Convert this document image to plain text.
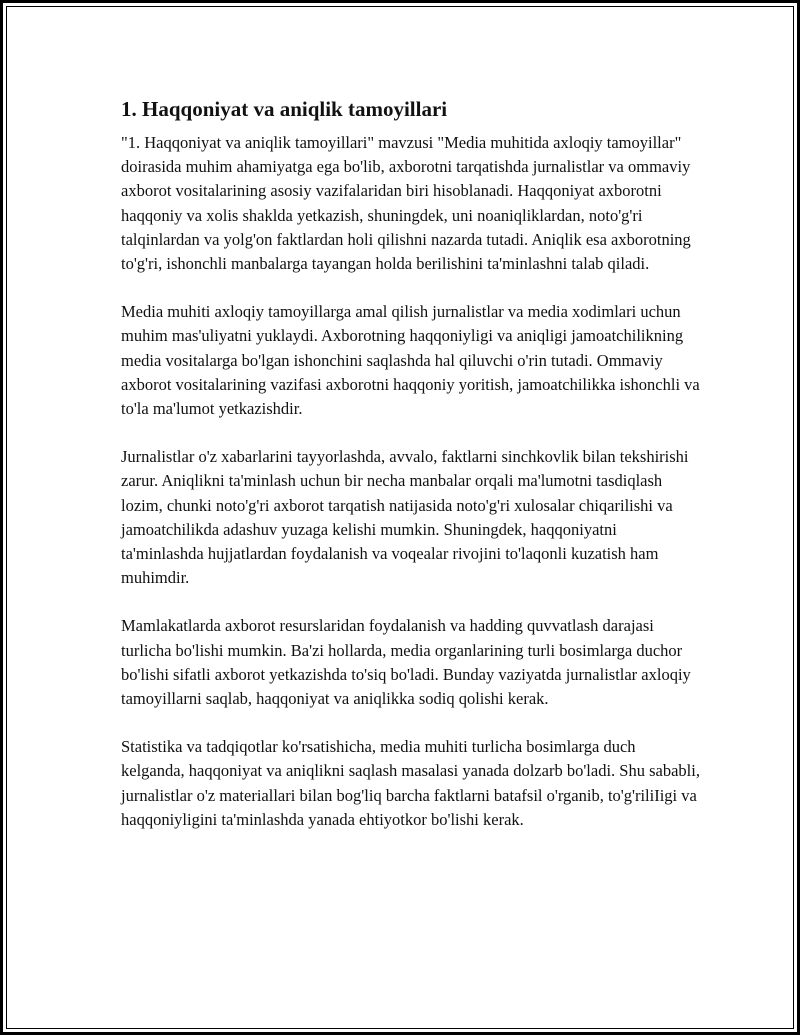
1. Haqqoniyat va aniqlik tamoyillari

"1. Haqqoniyat va aniqlik tamoyillari" mavzusi "Media muhitida axloqiy tamoyillar" doirasida muhim ahamiyatga ega bo'lib, axborotni tarqatishda jurnalistlar va ommaviy axborot vositalarining asosiy vazifalaridan biri hisoblanadi. Haqqoniyat axborotni haqqoniy va xolis shaklda yetkazish, shuningdek, uni noaniqliklardan, noto'g'ri talqinlardan va yolg'on faktlardan holi qilishni nazarda tutadi. Aniqlik esa axborotning to'g'ri, ishonchli manbalarga tayangan holda berilishini ta'minlashni talab qiladi.

Media muhiti axloqiy tamoyillarga amal qilish jurnalistlar va media xodimlari uchun muhim mas'uliyatni yuklaydi. Axborotning haqqoniyligi va aniqligi jamoatchilikning media vositalarga bo'lgan ishonchini saqlashda hal qiluvchi o'rin tutadi. Ommaviy axborot vositalarining vazifasi axborotni haqqoniy yoritish, jamoatchilikka ishonchli va to'la ma'lumot yetkazishdir.

Jurnalistlar o'z xabarlarini tayyorlashda, avvalo, faktlarni sinchkovlik bilan tekshirishi zarur. Aniqlikni ta'minlash uchun bir necha manbalar orqali ma'lumotni tasdiqlash lozim, chunki noto'g'ri axborot tarqatish natijasida noto'g'ri xulosalar chiqarilishi va jamoatchilikda adashuv yuzaga kelishi mumkin. Shuningdek, haqqoniyatni ta'minlashda hujjatlardan foydalanish va voqealar rivojini to'laqonli kuzatish ham muhimdir.

Mamlakatlarda axborot resurslaridan foydalanish va hadding quvvatlash darajasi turlicha bo'lishi mumkin. Ba'zi hollarda, media organlarining turli bosimlarga duchor bo'lishi sifatli axborot yetkazishda to'siq bo'ladi. Bunday vaziyatda jurnalistlar axloqiy tamoyillarni saqlab, haqqoniyat va aniqlikka sodiq qolishi kerak.

Statistika va tadqiqotlar ko'rsatishicha, media muhiti turlicha bosimlarga duch kelganda, haqqoniyat va aniqlikni saqlash masalasi yanada dolzarb bo'ladi. Shu sababli, jurnalistlar o'z materiallari bilan bog'liq barcha faktlarni batafsil o'rganib, to'g'riliIigi va haqqoniyligini ta'minlashda yanada ehtiyotkor bo'lishi kerak.
